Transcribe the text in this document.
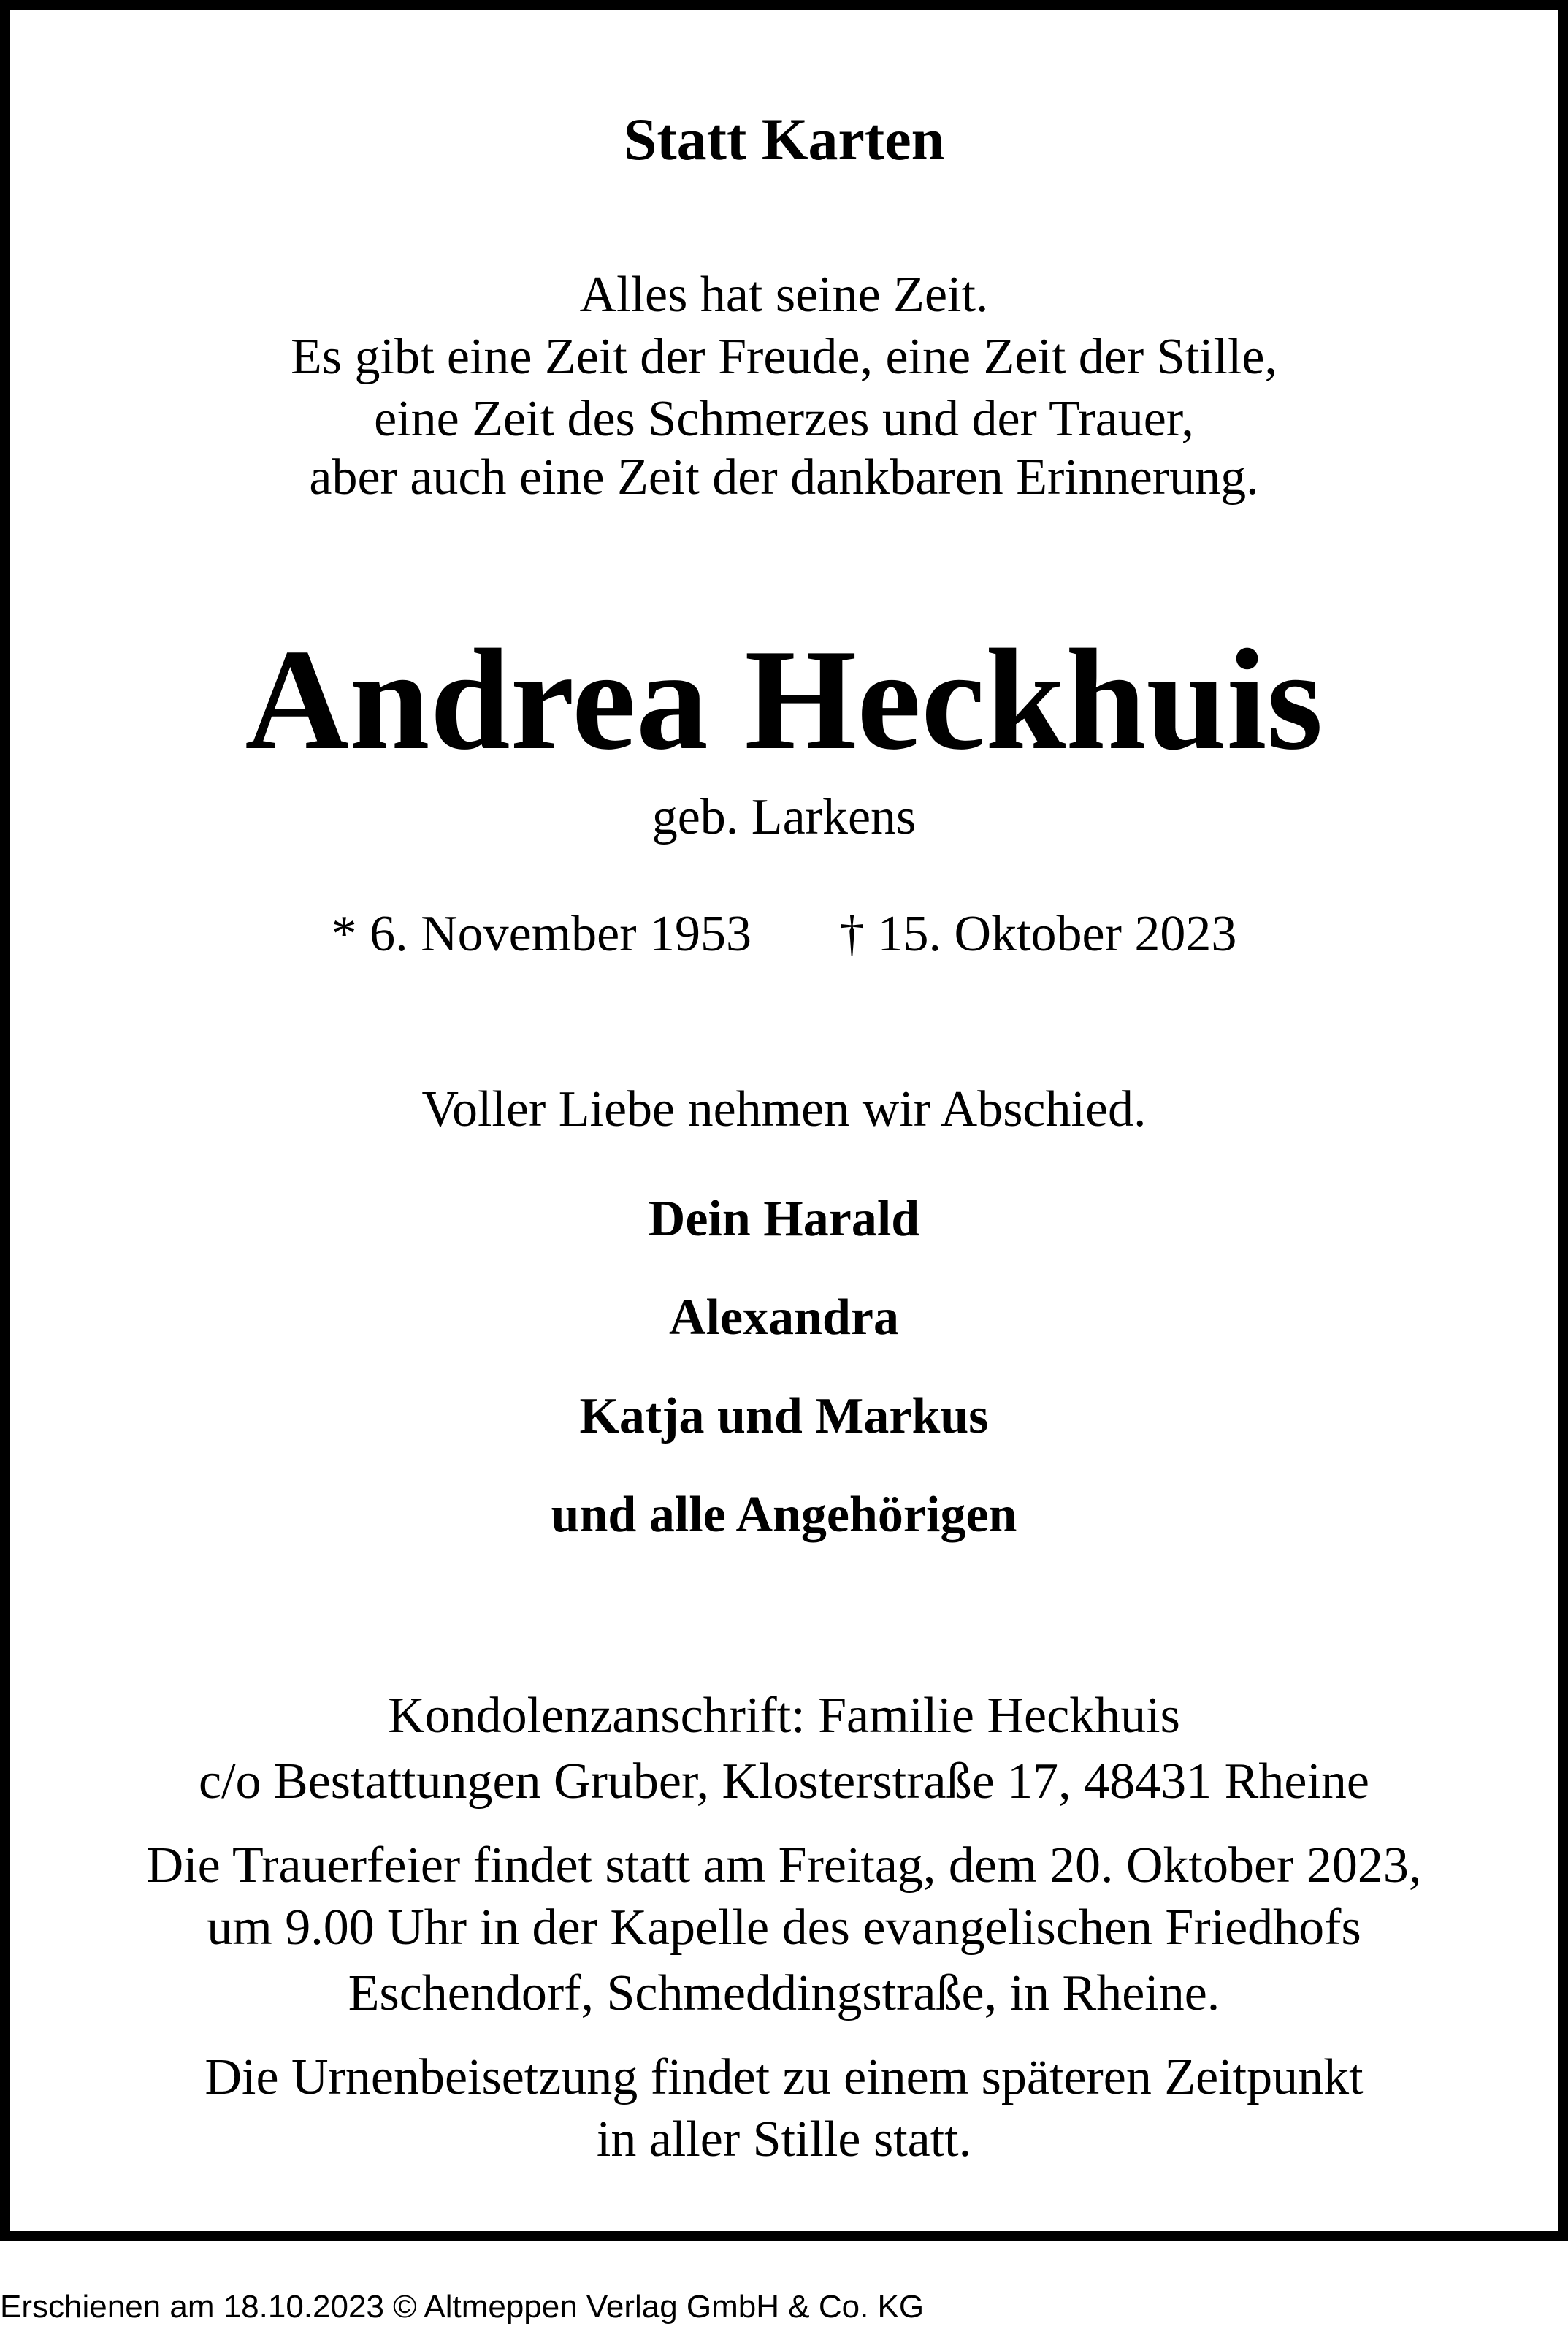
Statt Karten
Alles hat seine Zeit.
Es gibt eine Zeit der Freude, eine Zeit der Stille,
eine Zeit des Schmerzes und der Trauer,
aber auch eine Zeit der dankbaren Erinnerung.
Andrea Heckhuis
geb. Larkens
* 6. November 1953 † 15. Oktober 2023
Voller Liebe nehmen wir Abschied.
Dein Harald
Alexandra
Katja und Markus
und alle Angehörigen
Kondolenzanschrift: Familie Heckhuis
c/o Bestattungen Gruber, Klosterstraße 17, 48431 Rheine
Die Trauerfeier findet statt am Freitag, dem 20. Oktober 2023,
um 9.00 Uhr in der Kapelle des evangelischen Friedhofs
Eschendorf, Schmeddingstraße, in Rheine.
Die Urnenbeisetzung findet zu einem späteren Zeitpunkt
in aller Stille statt.
Erschienen am 18.10.2023 © Altmeppen Verlag GmbH & Co. KG
